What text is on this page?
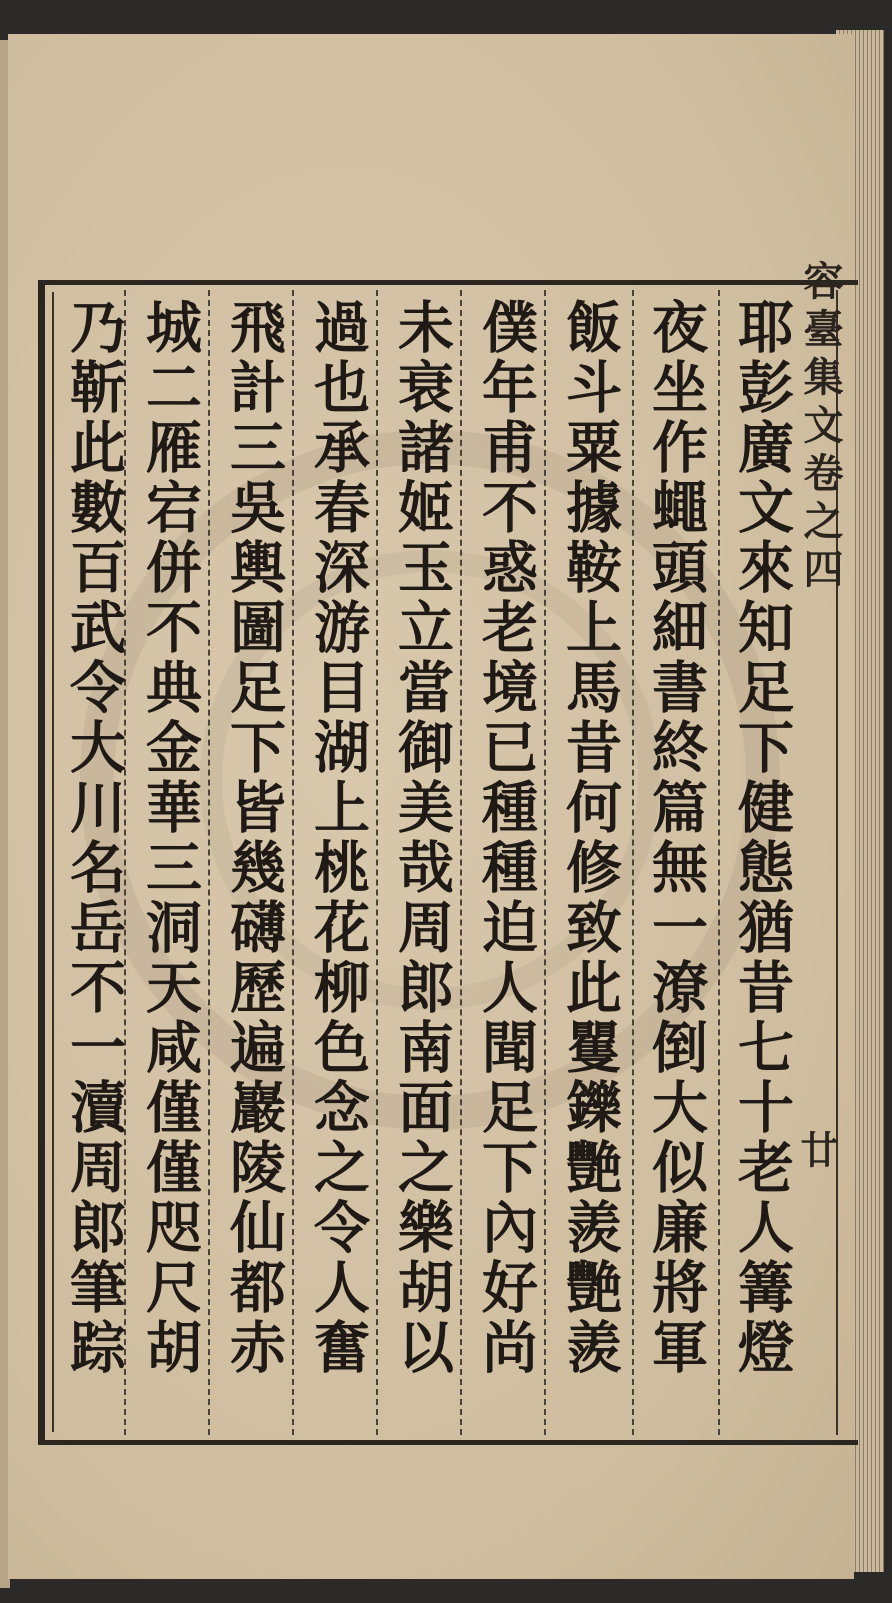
容臺集文卷之四
廿
耶彭廣文來知足下健態猶昔七十老人篝燈
夜坐作蠅頭細書終篇無一潦倒大似廉將軍
飯斗粟據鞍上馬昔何修致此矍鑠艷羨艷羨
僕年甫不惑老境已種種迫人聞足下內好尚
未衰諸姬玉立當御美哉周郎南面之樂胡以
過也承春深游目湖上桃花柳色念之令人奮
飛計三吳輿圖足下皆幾礴歷遍巖陵仙都赤
城二雁宕併不典金華三洞天咸僅僅咫尺胡
乃靳此數百武令大川名岳不一瀆周郎筆踪
